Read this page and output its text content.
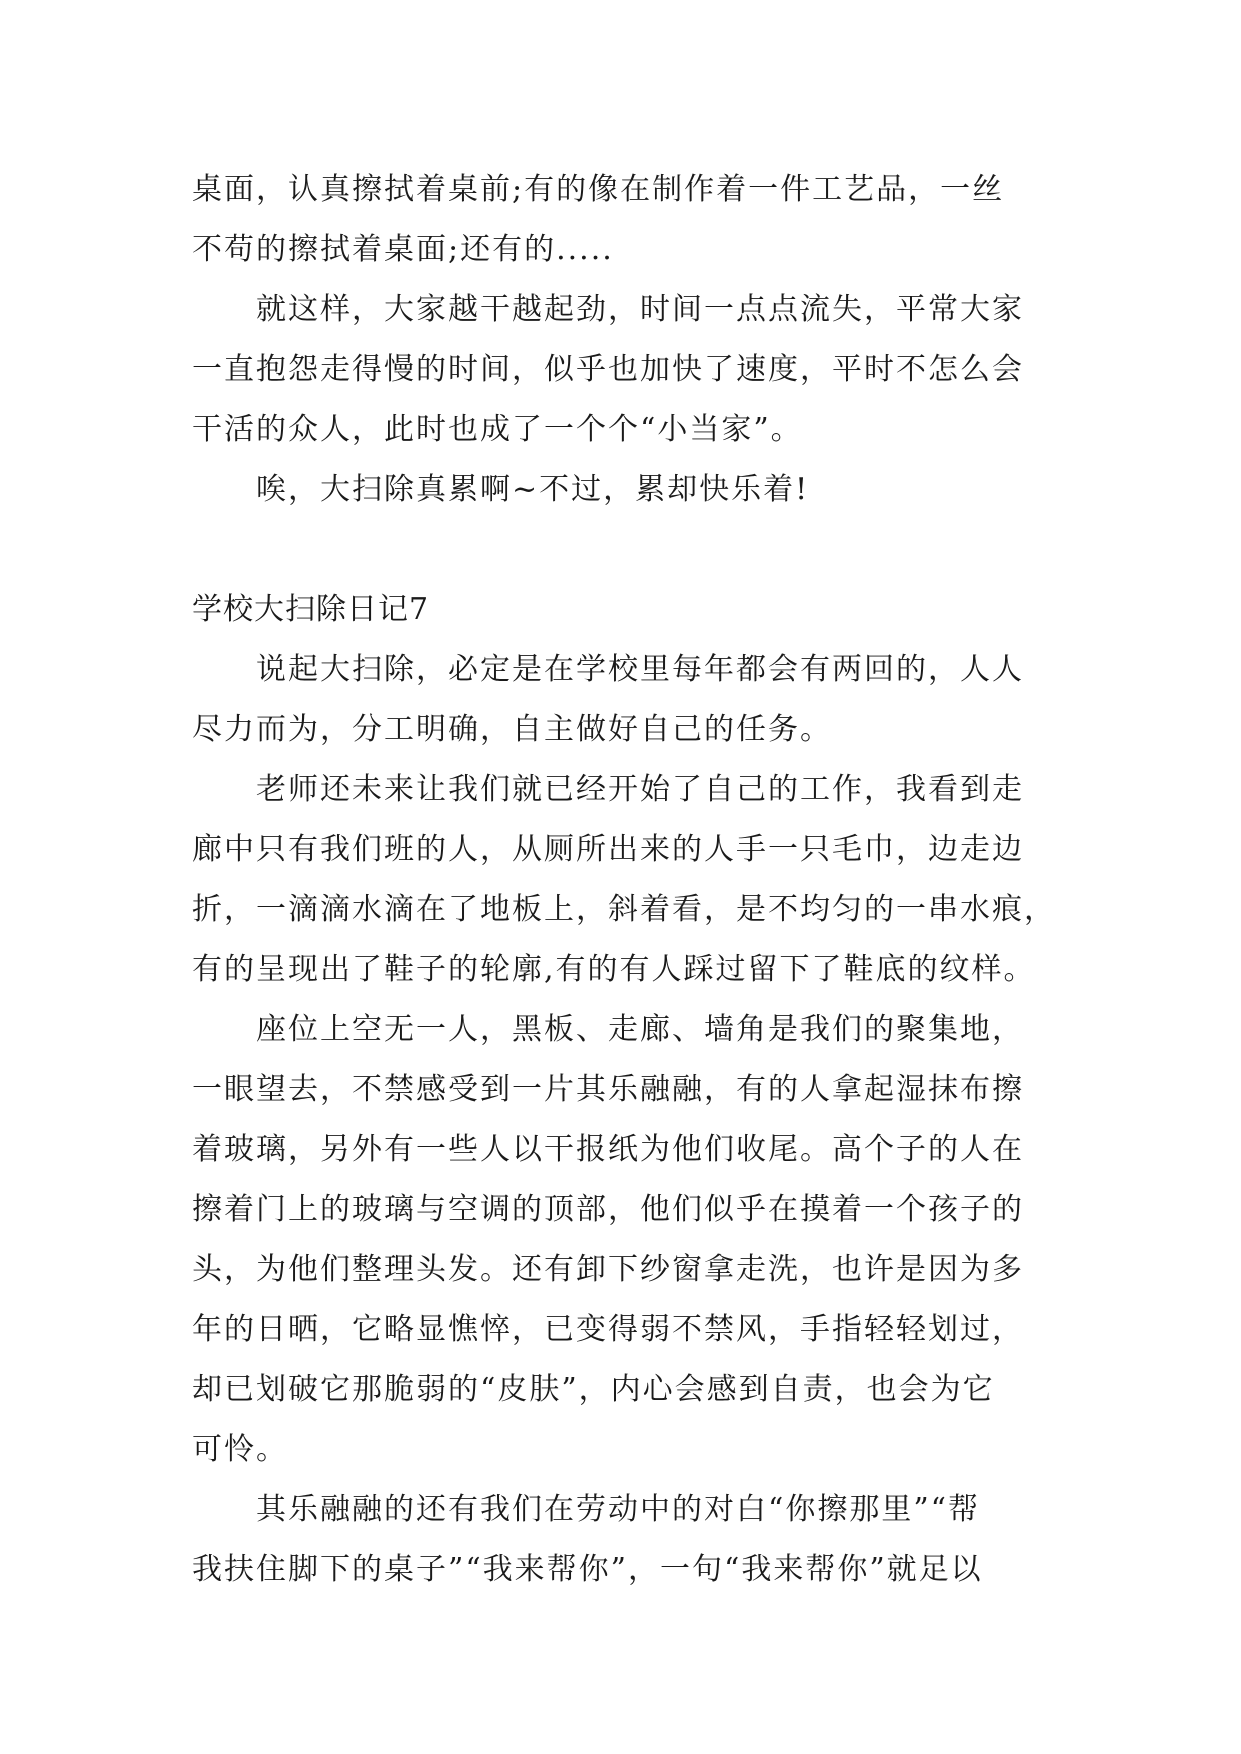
桌面，认真擦拭着桌前;有的像在制作着一件工艺品，一丝
不苟的擦拭着桌面;还有的.....
就这样，大家越干越起劲，时间一点点流失，平常大家
一直抱怨走得慢的时间，似乎也加快了速度，平时不怎么会
干活的众人，此时也成了一个个“小当家”。
唉，大扫除真累啊~不过，累却快乐着!
学校大扫除日记7
说起大扫除，必定是在学校里每年都会有两回的，人人
尽力而为，分工明确，自主做好自己的任务。
老师还未来让我们就已经开始了自己的工作，我看到走
廊中只有我们班的人，从厕所出来的人手一只毛巾，边走边
折，一滴滴水滴在了地板上，斜着看，是不均匀的一串水痕，
有的呈现出了鞋子的轮廓,有的有人踩过留下了鞋底的纹样。
座位上空无一人，黑板、走廊、墙角是我们的聚集地，
一眼望去，不禁感受到一片其乐融融，有的人拿起湿抹布擦
着玻璃，另外有一些人以干报纸为他们收尾。高个子的人在
擦着门上的玻璃与空调的顶部，他们似乎在摸着一个孩子的
头，为他们整理头发。还有卸下纱窗拿走洗，也许是因为多
年的日晒，它略显憔悴，已变得弱不禁风，手指轻轻划过，
却已划破它那脆弱的“皮肤”，内心会感到自责，也会为它
可怜。
其乐融融的还有我们在劳动中的对白“你擦那里”“帮
我扶住脚下的桌子”“我来帮你”，一句“我来帮你”就足以
